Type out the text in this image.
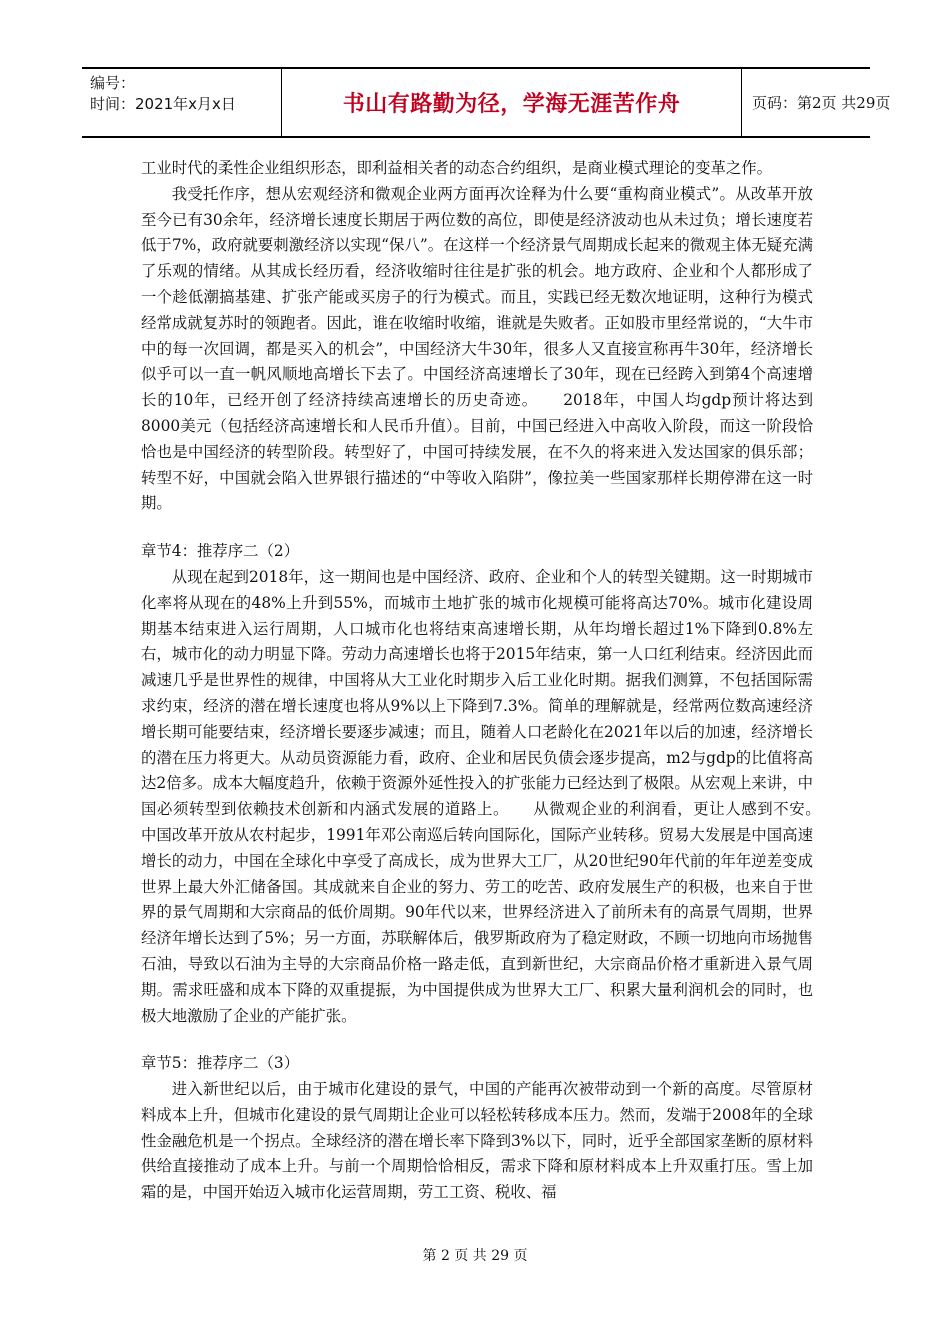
编号：
时间：2021年x月x日	书山有路勤为径，学海无涯苦作舟	页码：第2页 共29页

工业时代的柔性企业组织形态，即利益相关者的动态合约组织，是商业模式理论的变革之作。

我受托作序，想从宏观经济和微观企业两方面再次诠释为什么要“重构商业模式”。从改革开放至今已有30余年，经济增长速度长期居于两位数的高位，即使是经济波动也从未过负；增长速度若低于7%，政府就要刺激经济以实现“保八”。在这样一个经济景气周期成长起来的微观主体无疑充满了乐观的情绪。从其成长经历看，经济收缩时往往是扩张的机会。地方政府、企业和个人都形成了一个趁低潮搞基建、扩张产能或买房子的行为模式。而且，实践已经无数次地证明，这种行为模式经常成就复苏时的领跑者。因此，谁在收缩时收缩，谁就是失败者。正如股市里经常说的，“大牛市中的每一次回调，都是买入的机会”，中国经济大牛30年，很多人又直接宣称再牛30年，经济增长似乎可以一直一帆风顺地高增长下去了。中国经济高速增长了30年，现在已经跨入到第4个高速增长的10年，已经开创了经济持续高速增长的历史奇迹。　　2018年，中国人均gdp预计将达到8000美元（包括经济高速增长和人民币升值）。目前，中国已经进入中高收入阶段，而这一阶段恰恰也是中国经济的转型阶段。转型好了，中国可持续发展，在不久的将来进入发达国家的俱乐部；转型不好，中国就会陷入世界银行描述的“中等收入陷阱”，像拉美一些国家那样长期停滞在这一时期。

章节4：推荐序二（2）

从现在起到2018年，这一期间也是中国经济、政府、企业和个人的转型关键期。这一时期城市化率将从现在的48%上升到55%，而城市土地扩张的城市化规模可能将高达70%。城市化建设周期基本结束进入运行周期，人口城市化也将结束高速增长期，从年均增长超过1%下降到0.8%左右，城市化的动力明显下降。劳动力高速增长也将于2015年结束，第一人口红利结束。经济因此而减速几乎是世界性的规律，中国将从大工业化时期步入后工业化时期。据我们测算，不包括国际需求约束，经济的潜在增长速度也将从9%以上下降到7.3%。简单的理解就是，经常两位数高速经济增长期可能要结束，经济增长要逐步减速；而且，随着人口老龄化在2021年以后的加速，经济增长的潜在压力将更大。从动员资源能力看，政府、企业和居民负债会逐步提高，m2与gdp的比值将高达2倍多。成本大幅度趋升，依赖于资源外延性投入的扩张能力已经达到了极限。从宏观上来讲，中国必须转型到依赖技术创新和内涵式发展的道路上。　　从微观企业的利润看，更让人感到不安。　　中国改革开放从农村起步，1991年邓公南巡后转向国际化，国际产业转移。贸易大发展是中国高速增长的动力，中国在全球化中享受了高成长，成为世界大工厂，从20世纪90年代前的年年逆差变成世界上最大外汇储备国。其成就来自企业的努力、劳工的吃苦、政府发展生产的积极，也来自于世界的景气周期和大宗商品的低价周期。90年代以来，世界经济进入了前所未有的高景气周期，世界经济年增长达到了5%；另一方面，苏联解体后，俄罗斯政府为了稳定财政，不顾一切地向市场抛售石油，导致以石油为主导的大宗商品价格一路走低，直到新世纪，大宗商品价格才重新进入景气周期。需求旺盛和成本下降的双重提振，为中国提供成为世界大工厂、积累大量利润机会的同时，也极大地激励了企业的产能扩张。

章节5：推荐序二（3）

进入新世纪以后，由于城市化建设的景气，中国的产能再次被带动到一个新的高度。尽管原材料成本上升，但城市化建设的景气周期让企业可以轻松转移成本压力。然而，发端于2008年的全球性金融危机是一个拐点。全球经济的潜在增长率下降到3%以下，同时，近乎全部国家垄断的原材料供给直接推动了成本上升。与前一个周期恰恰相反，需求下降和原材料成本上升双重打压。雪上加霜的是，中国开始迈入城市化运营周期，劳工工资、税收、福

第 2 页 共 29 页
